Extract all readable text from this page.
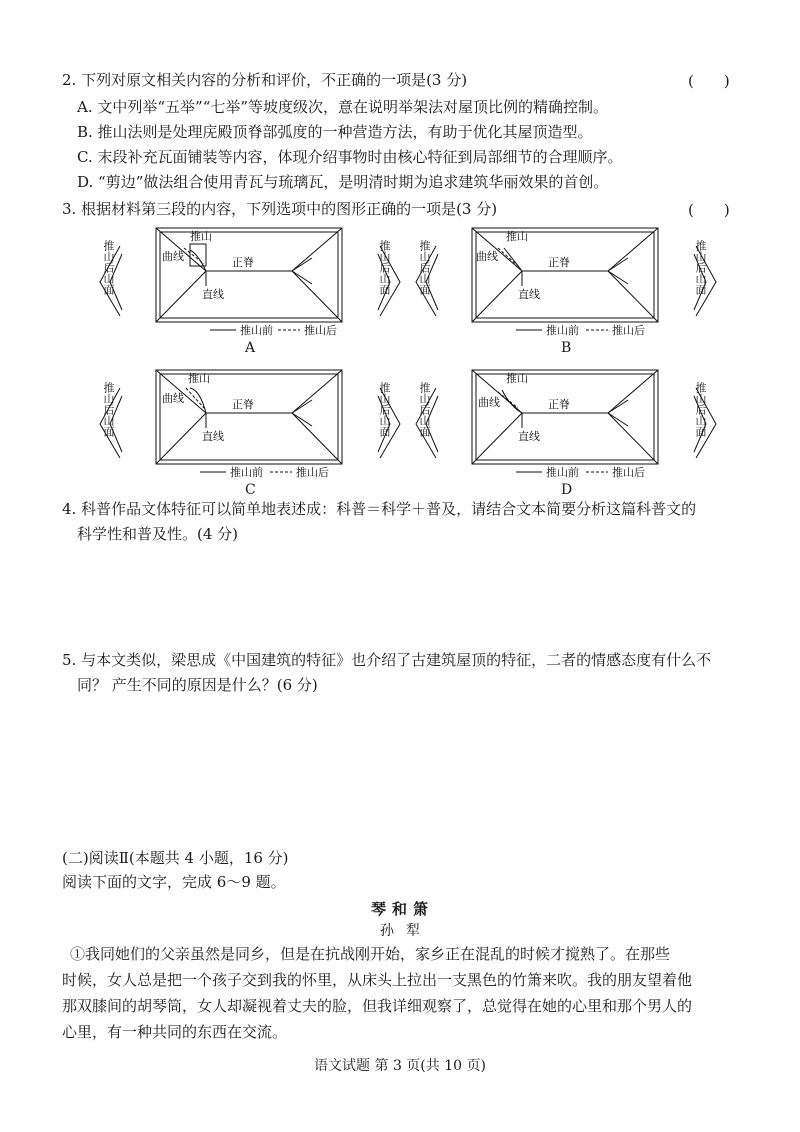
2. 下列对原文相关内容的分析和评价，不正确的一项是(3 分)	(　　)
A. 文中列举“五举”“七举”等坡度级次，意在说明举架法对屋顶比例的精确控制。
B. 推山法则是处理庑殿顶脊部弧度的一种营造方法，有助于优化其屋顶造型。
C. 末段补充瓦面铺装等内容，体现介绍事物时由核心特征到局部细节的合理顺序。
D. “剪边”做法组合使用青瓦与琉璃瓦，是明清时期为追求建筑华丽效果的首创。
3. 根据材料第三段的内容，下列选项中的图形正确的一项是(3 分)	(　　)
推山
曲线	正脊
直线
推山前	推山后
推山后山面	推山后山面
A
推山
曲线	正脊
直线
推山前	推山后
推山后山面	推山后山面
B
推山
曲线	正脊
直线
推山前	推山后
推山后山面	推山后山面
C
推山
曲线	正脊
直线
推山前	推山后
推山后山面	推山后山面
D
4. 科普作品文体特征可以简单地表述成：科普＝科学＋普及，请结合文本简要分析这篇科普文的
科学性和普及性。(4 分)
5. 与本文类似，梁思成《中国建筑的特征》也介绍了古建筑屋顶的特征，二者的情感态度有什么不
同？ 产生不同的原因是什么？(6 分)
(二)阅读Ⅱ(本题共 4 小题，16 分)
阅读下面的文字，完成 6～9 题。
琴和箫
孙犁
①我同她们的父亲虽然是同乡，但是在抗战刚开始，家乡正在混乱的时候才搅熟了。在那些
时候，女人总是把一个孩子交到我的怀里，从床头上拉出一支黑色的竹箫来吹。我的朋友望着他
那双膝间的胡琴筒，女人却凝视着丈夫的脸，但我详细观察了，总觉得在她的心里和那个男人的
心里，有一种共同的东西在交流。
语文试题 第 3 页(共 10 页)
